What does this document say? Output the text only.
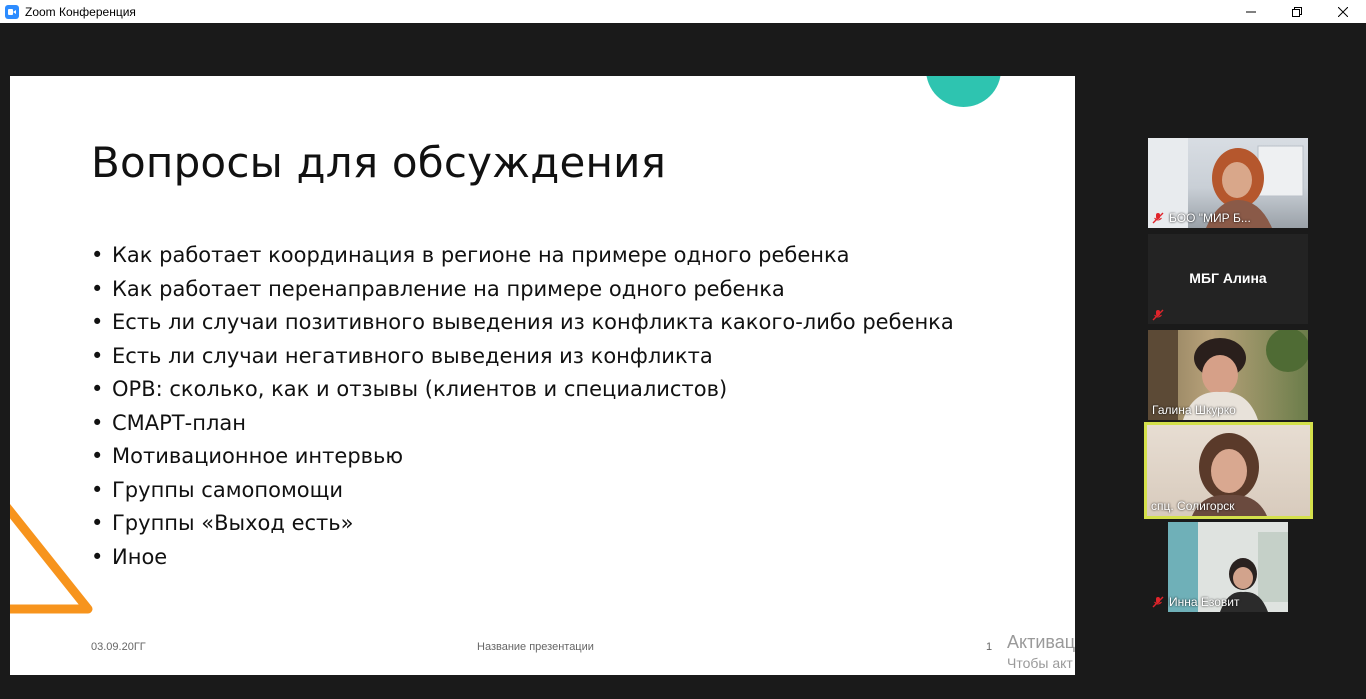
Zoom Конференция
Вопросы для обсуждения
• Как работает координация в регионе на примере одного ребенка
• Как работает перенаправление на примере одного ребенка
• Есть ли случаи позитивного выведения из конфликта какого-либо ребенка
• Есть ли случаи негативного выведения из конфликта
• ОРВ: сколько, как и отзывы (клиентов и специалистов)
• СМАРТ-план
• Мотивационное интервью
• Группы самопомощи
• Группы «Выход есть»
• Иное
03.09.20ГГ	Название презентации	1 Активац
Чтобы акт
БОО "МИР Б...
МБГ Алина
Галина Шкурко
спц. Солигорск
Инна Езовит
